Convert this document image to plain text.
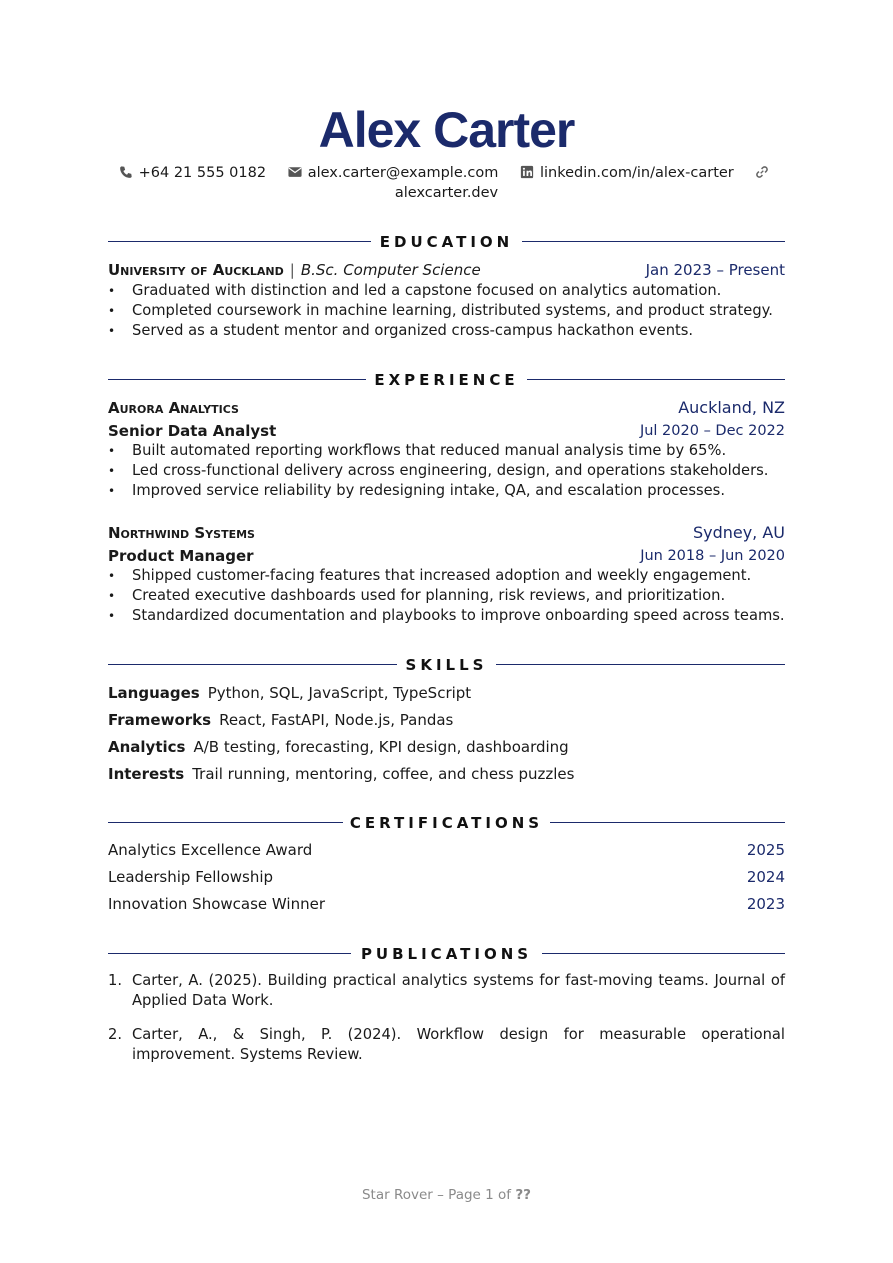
Alex Carter
+64 21 555 0182	alex.carter@example.com	linkedin.com/in/alex-carter
alexcarter.dev
EDUCATION
University of Auckland | B.Sc. Computer Science	Jan 2023 – Present
• Graduated with distinction and led a capstone focused on analytics automation.
• Completed coursework in machine learning, distributed systems, and product strategy.
• Served as a student mentor and organized cross-campus hackathon events.
EXPERIENCE
Aurora Analytics	Auckland, NZ
Senior Data Analyst	Jul 2020 – Dec 2022
• Built automated reporting workflows that reduced manual analysis time by 65%.
• Led cross-functional delivery across engineering, design, and operations stakeholders.
• Improved service reliability by redesigning intake, QA, and escalation processes.
Northwind Systems	Sydney, AU
Product Manager	Jun 2018 – Jun 2020
• Shipped customer-facing features that increased adoption and weekly engagement.
• Created executive dashboards used for planning, risk reviews, and prioritization.
• Standardized documentation and playbooks to improve onboarding speed across teams.
SKILLS
Languages Python, SQL, JavaScript, TypeScript
Frameworks React, FastAPI, Node.js, Pandas
Analytics A/B testing, forecasting, KPI design, dashboarding
Interests Trail running, mentoring, coffee, and chess puzzles
CERTIFICATIONS
Analytics Excellence Award	2025
Leadership Fellowship	2024
Innovation Showcase Winner	2023
PUBLICATIONS
1. Carter, A. (2025). Building practical analytics systems for fast-moving teams. Journal of Applied Data Work.
2. Carter, A., & Singh, P. (2024). Workflow design for measurable operational improvement. Systems Review.
Star Rover – Page 1 of ??
